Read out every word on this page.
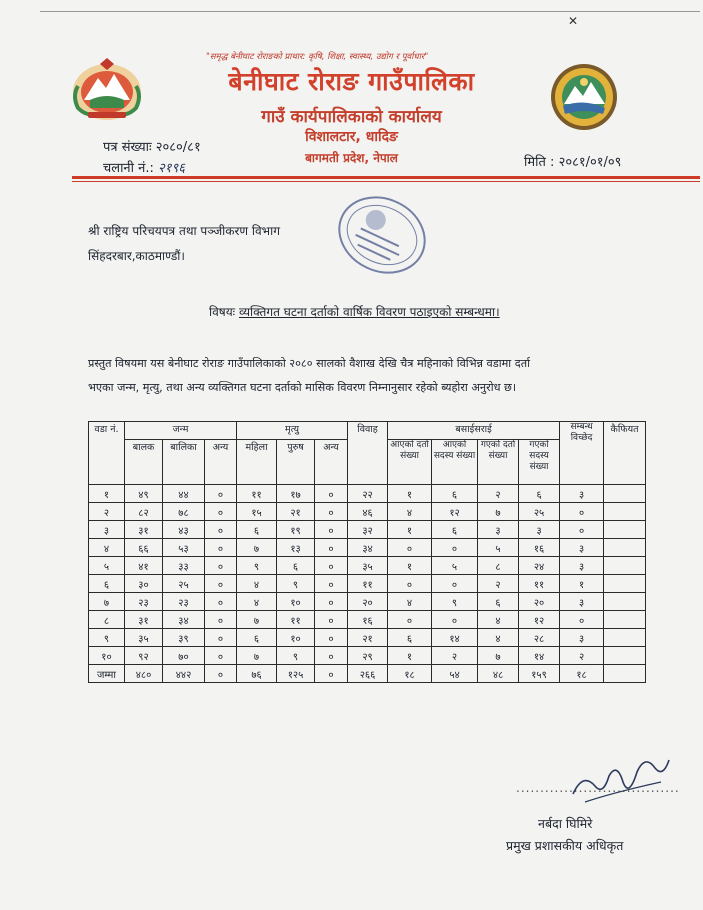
✕
"समृद्ध बेनीघाट रोराङको प्राथार: कृषि, शिक्षा, स्वास्थ्य, उद्योग र पूर्वाधार"
बेनीघाट रोराङ गाउँपालिका
गाउँ कार्यपालिकाको कार्यालय
विशालटार, धादिङ
बागमती प्रदेश, नेपाल
पत्र संख्याः २०८०/८१
चलानी नं.: २१९६	मिति : २०८१/०१/०९
श्री राष्ट्रिय परिचयपत्र तथा पञ्जीकरण विभाग
सिंहदरबार,काठमाण्डौं।
विषयः व्यक्तिगत घटना दर्ताको वार्षिक विवरण पठाइएको सम्बन्धमा।
प्रस्तुत विषयमा यस बेनीघाट रोराङ गाउँपालिकाको २०८० सालको वैशाख देखि चैत्र महिनाको विभिन्न वडामा दर्ता
भएका जन्म, मृत्यु, तथा अन्य व्यक्तिगत घटना दर्ताको मासिक विवरण निम्नानुसार रहेको ब्यहोरा अनुरोध छ।
वडा नं.	जन्म			मृत्यु			विवाह	बसाईसराई				सम्बन्ध विच्छेद	कैफियत
	बालक	बालिका	अन्य	महिला	पुरुष	अन्य		आएको दर्ता संख्या	आएको सदस्य संख्या	गएको दर्ता संख्या	गएको सदस्य संख्या		
१	४९	४४	०	११	१७	०	२२	१	६	२	६	३	
२	८२	७८	०	१५	२१	०	४६	४	१२	७	२५	०	
३	३१	४३	०	६	१९	०	३२	१	६	३	३	०	
४	६६	५३	०	७	१३	०	३४	०	०	५	१६	३	
५	४१	३३	०	९	६	०	३५	१	५	८	२४	३	
६	३०	२५	०	४	९	०	११	०	०	२	११	१	
७	२३	२३	०	४	१०	०	२०	४	९	६	२०	३	
८	३१	३४	०	७	११	०	१६	०	०	४	१२	०	
९	३५	३९	०	६	१०	०	२१	६	१४	४	२८	३	
१०	९२	७०	०	७	९	०	२९	१	२	७	१४	२	
जम्मा	४८०	४४२	०	७६	१२५	०	२६६	१८	५४	४८	१५९	१८	
..................................
नर्बदा घिमिरे
प्रमुख प्रशासकीय अधिकृत
